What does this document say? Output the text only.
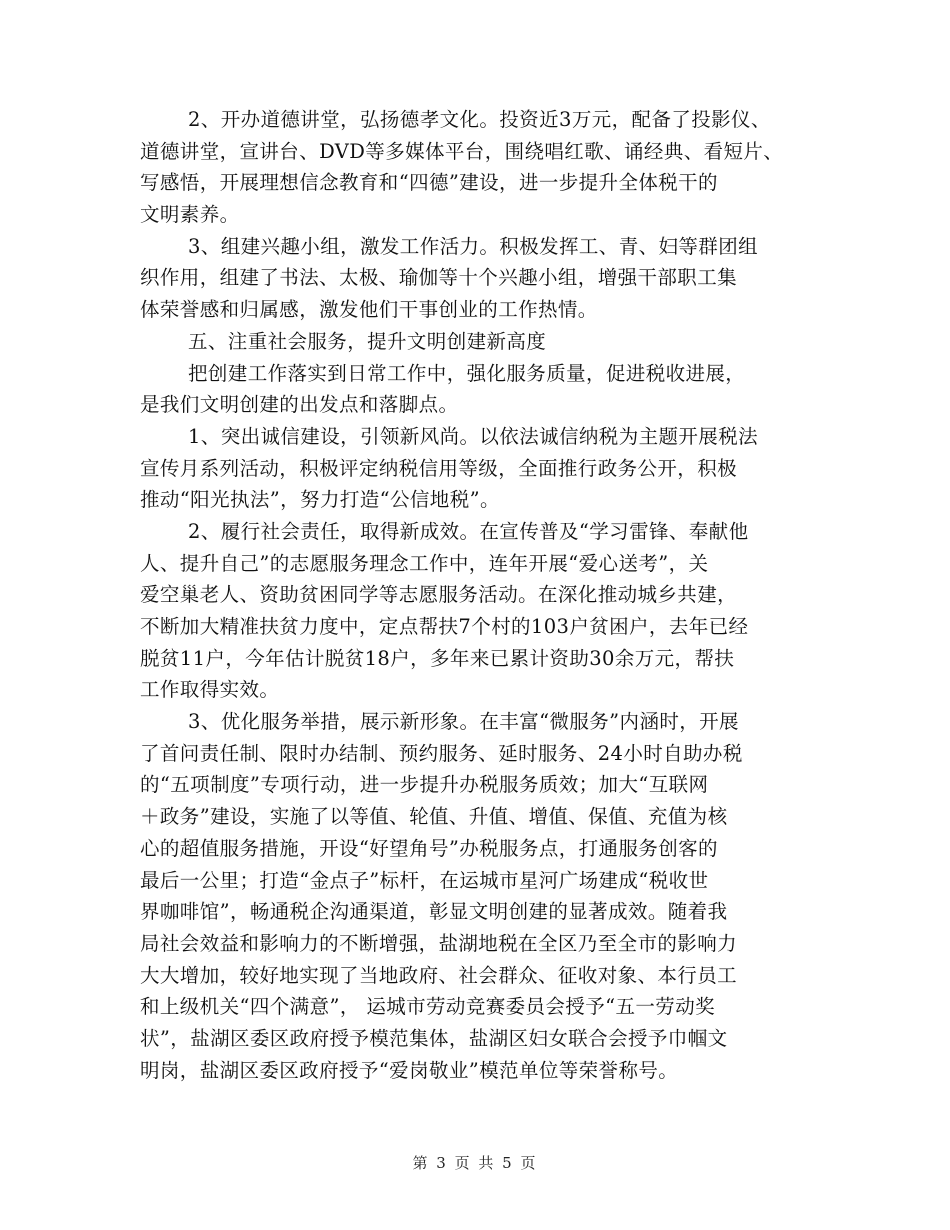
2、开办道德讲堂，弘扬德孝文化。投资近3万元，配备了投影仪、
道德讲堂，宣讲台、DVD等多媒体平台，围绕唱红歌、诵经典、看短片、
写感悟，开展理想信念教育和“四德”建设，进一步提升全体税干的
文明素养。
3、组建兴趣小组，激发工作活力。积极发挥工、青、妇等群团组
织作用，组建了书法、太极、瑜伽等十个兴趣小组，增强干部职工集
体荣誉感和归属感，激发他们干事创业的工作热情。
五、注重社会服务，提升文明创建新高度
把创建工作落实到日常工作中，强化服务质量，促进税收进展，
是我们文明创建的出发点和落脚点。
1、突出诚信建设，引领新风尚。以依法诚信纳税为主题开展税法
宣传月系列活动，积极评定纳税信用等级，全面推行政务公开，积极
推动“阳光执法”，努力打造“公信地税”。
2、履行社会责任，取得新成效。在宣传普及“学习雷锋、奉献他
人、提升自己”的志愿服务理念工作中，连年开展“爱心送考”，关
爱空巢老人、资助贫困同学等志愿服务活动。在深化推动城乡共建，
不断加大精准扶贫力度中，定点帮扶7个村的103户贫困户，去年已经
脱贫11户，今年估计脱贫18户，多年来已累计资助30余万元，帮扶
工作取得实效。
3、优化服务举措，展示新形象。在丰富“微服务”内涵时，开展
了首问责任制、限时办结制、预约服务、延时服务、24小时自助办税
的“五项制度”专项行动，进一步提升办税服务质效；加大“互联网
＋政务”建设，实施了以等值、轮值、升值、增值、保值、充值为核
心的超值服务措施，开设“好望角号”办税服务点，打通服务创客的
最后一公里；打造“金点子”标杆，在运城市星河广场建成“税收世
界咖啡馆”，畅通税企沟通渠道，彰显文明创建的显著成效。随着我
局社会效益和影响力的不断增强，盐湖地税在全区乃至全市的影响力
大大增加，较好地实现了当地政府、社会群众、征收对象、本行员工
和上级机关“四个满意”， 运城市劳动竞赛委员会授予“五一劳动奖
状”，盐湖区委区政府授予模范集体，盐湖区妇女联合会授予巾帼文
明岗，盐湖区委区政府授予“爱岗敬业”模范单位等荣誉称号。
第 3 页 共 5 页
